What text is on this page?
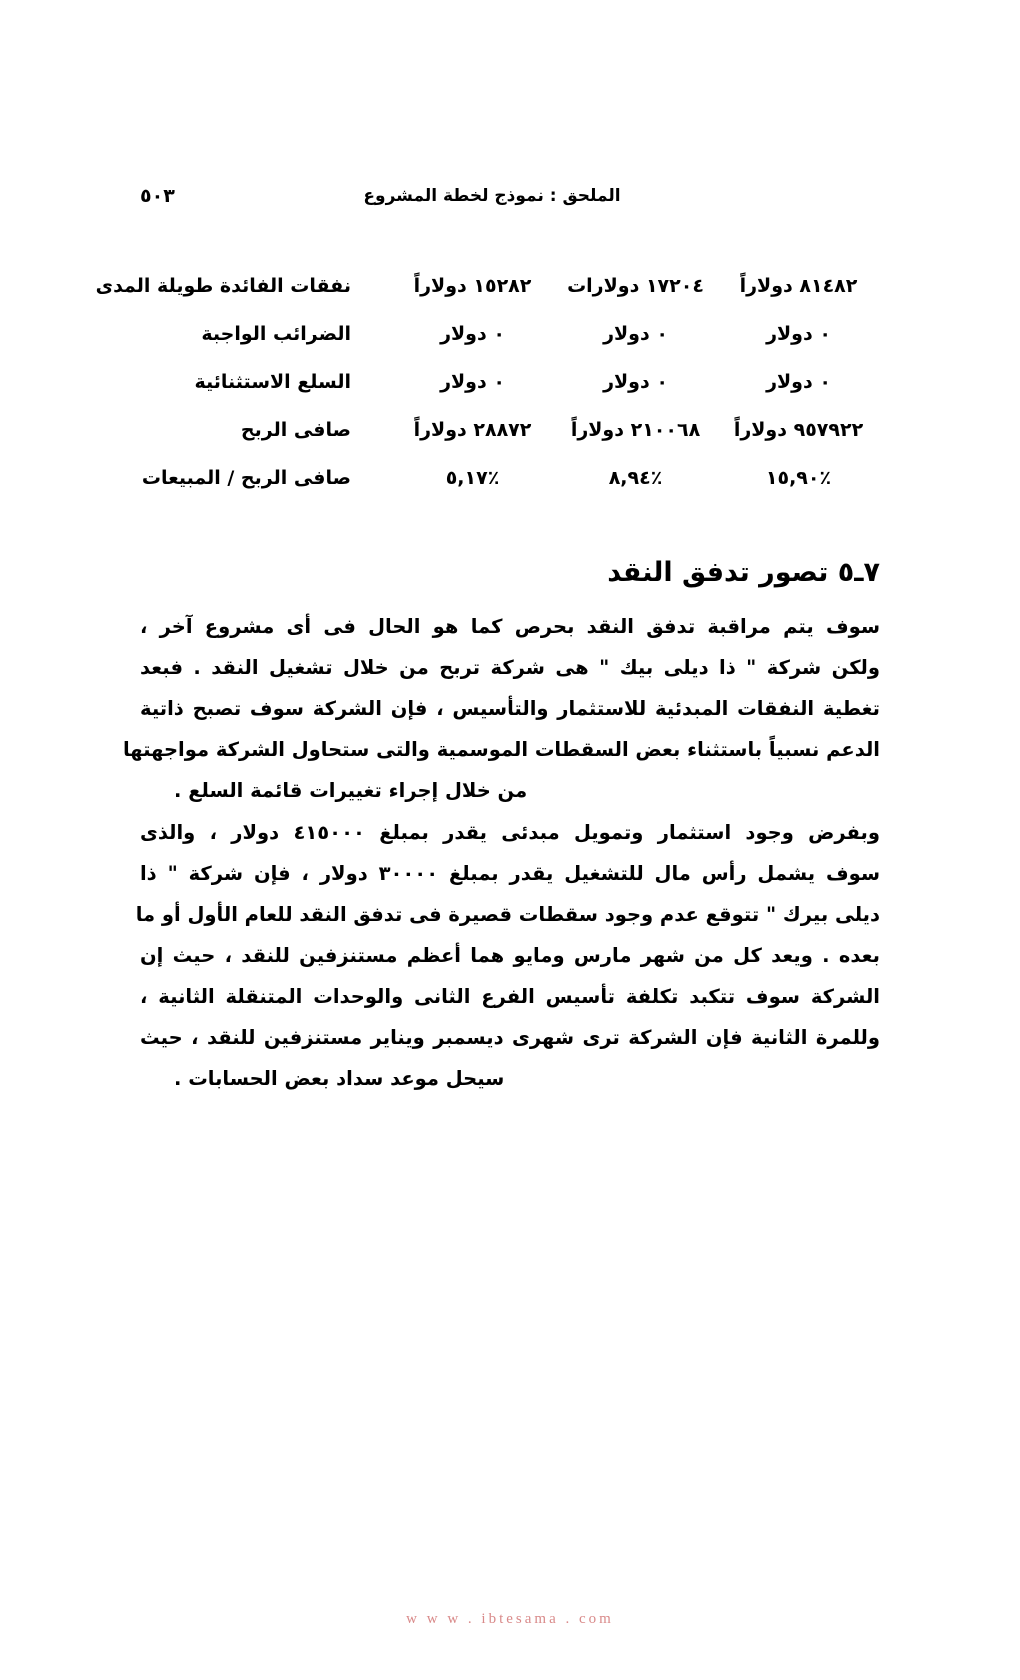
٥٠٣	الملحق : نموذج لخطة المشروع
٨١٤٨٢ دولاراً	١٧٢٠٤ دولارات	١٥٢٨٢ دولاراً	نفقات الفائدة طويلة المدى
٠ دولار	٠ دولار	٠ دولار	الضرائب الواجبة
٠ دولار	٠ دولار	٠ دولار	السلع الاستثنائية
٩٥٧٩٢٢ دولاراً	٢١٠٠٦٨ دولاراً	٢٨٨٧٢ دولاراً	صافى الربح
٪١٥,٩٠	٪٨,٩٤	٪٥,١٧	صافى الربح / المبيعات
٧ـ٥ تصور تدفق النقد
سوف يتم مراقبة تدفق النقد بحرص كما هو الحال فى أى مشروع آخر ،
ولكن شركة " ذا ديلى بيك " هى شركة تربح من خلال تشغيل النقد . فبعد
تغطية النفقات المبدئية للاستثمار والتأسيس ، فإن الشركة سوف تصبح ذاتية
الدعم نسبياً باستثناء بعض السقطات الموسمية والتى ستحاول الشركة مواجهتها
من خلال إجراء تغييرات قائمة السلع .
وبفرض وجود استثمار وتمويل مبدئى يقدر بمبلغ ٤١٥٠٠٠ دولار ، والذى
سوف يشمل رأس مال للتشغيل يقدر بمبلغ ٣٠٠٠٠ دولار ، فإن شركة " ذا
ديلى بيرك " تتوقع عدم وجود سقطات قصيرة فى تدفق النقد للعام الأول أو ما
بعده . ويعد كل من شهر مارس ومايو هما أعظم مستنزفين للنقد ، حيث إن
الشركة سوف تتكبد تكلفة تأسيس الفرع الثانى والوحدات المتنقلة الثانية ،
وللمرة الثانية فإن الشركة ترى شهرى ديسمبر ويناير مستنزفين للنقد ، حيث
سيحل موعد سداد بعض الحسابات .
w w w . ibtesama . com
